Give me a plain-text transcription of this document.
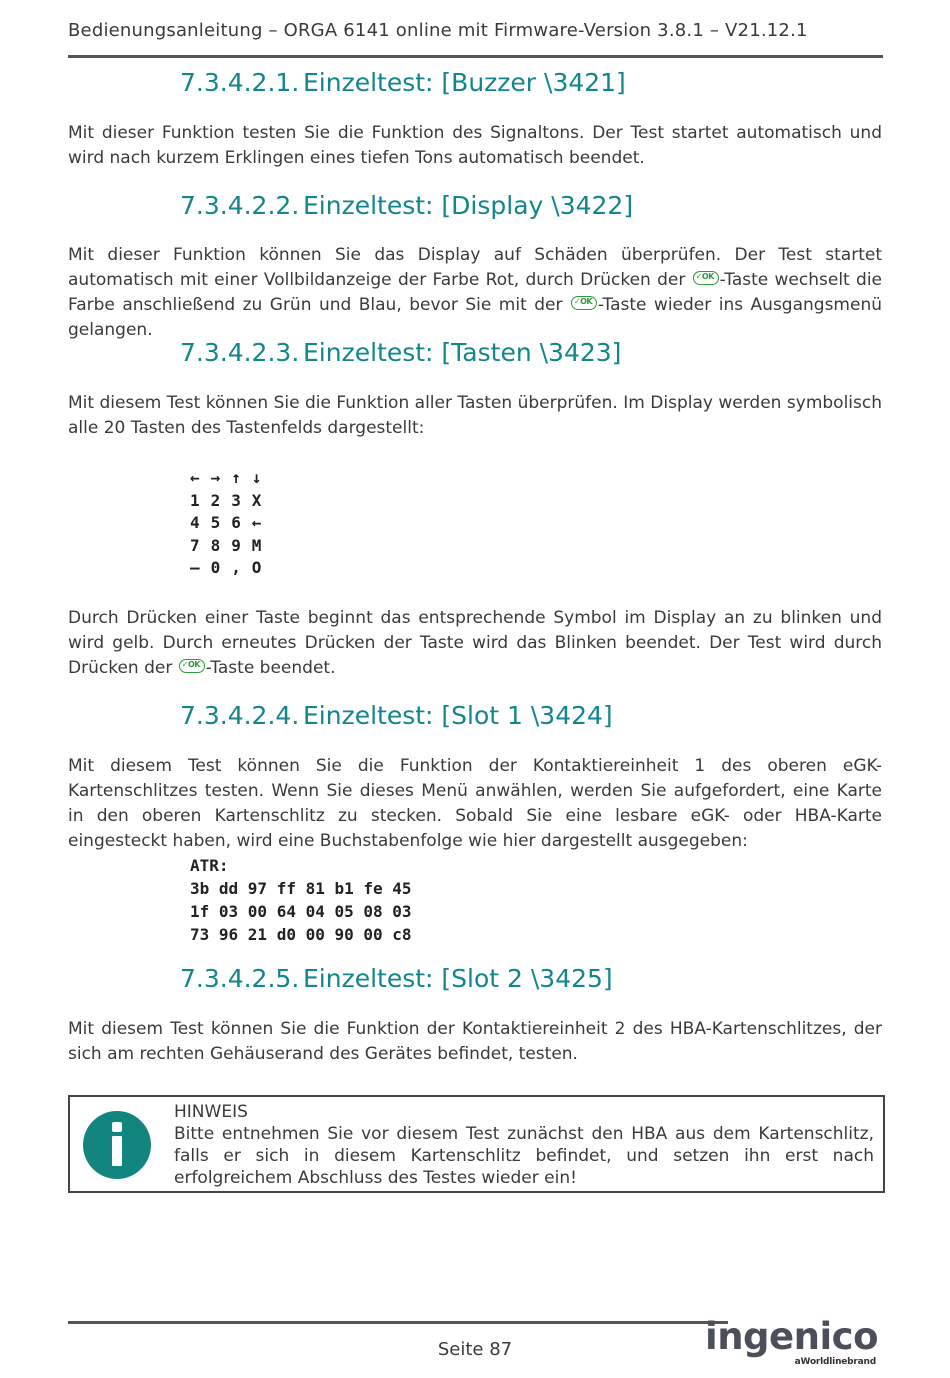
Bedienungsanleitung – ORGA 6141 online mit Firmware-Version 3.8.1 – V21.12.1
7.3.4.2.1. Einzeltest: [Buzzer \3421]

Mit dieser Funktion testen Sie die Funktion des Signaltons. Der Test startet automatisch und wird nach kurzem Erklingen eines tiefen Tons automatisch beendet.

7.3.4.2.2. Einzeltest: [Display \3422]

Mit dieser Funktion können Sie das Display auf Schäden überprüfen. Der Test startet automatisch mit einer Vollbildanzeige der Farbe Rot, durch Drücken der ✓OK-Taste wechselt die Farbe anschließend zu Grün und Blau, bevor Sie mit der ✓OK-Taste wieder ins Ausgangsmenü gelangen.

7.3.4.2.3. Einzeltest: [Tasten \3423]

Mit diesem Test können Sie die Funktion aller Tasten überprüfen. Im Display werden symbolisch alle 20 Tasten des Tastenfelds dargestellt:

← → ↑ ↓
1 2 3 X
4 5 6 ←
7 8 9 M
– 0 , O

Durch Drücken einer Taste beginnt das entsprechende Symbol im Display an zu blinken und wird gelb. Durch erneutes Drücken der Taste wird das Blinken beendet. Der Test wird durch Drücken der ✓OK-Taste beendet.

7.3.4.2.4. Einzeltest: [Slot 1 \3424]

Mit diesem Test können Sie die Funktion der Kontaktiereinheit 1 des oberen eGK-Kartenschlitzes testen. Wenn Sie dieses Menü anwählen, werden Sie aufgefordert, eine Karte in den oberen Kartenschlitz zu stecken. Sobald Sie eine lesbare eGK- oder HBA-Karte eingesteckt haben, wird eine Buchstabenfolge wie hier dargestellt ausgegeben:

ATR:
3b dd 97 ff 81 b1 fe 45
1f 03 00 64 04 05 08 03
73 96 21 d0 00 90 00 c8
7.3.4.2.5. Einzeltest: [Slot 2 \3425]

Mit diesem Test können Sie die Funktion der Kontaktiereinheit 2 des HBA-Kartenschlitzes, der sich am rechten Gehäuserand des Gerätes befindet, testen.

HINWEIS

Bitte entnehmen Sie vor diesem Test zunächst den HBA aus dem Kartenschlitz, falls er sich in diesem Kartenschlitz befindet, und setzen ihn erst nach erfolgreichem Abschluss des Testes wieder ein!

Seite 87	ingenico
aWorldlinebrand
